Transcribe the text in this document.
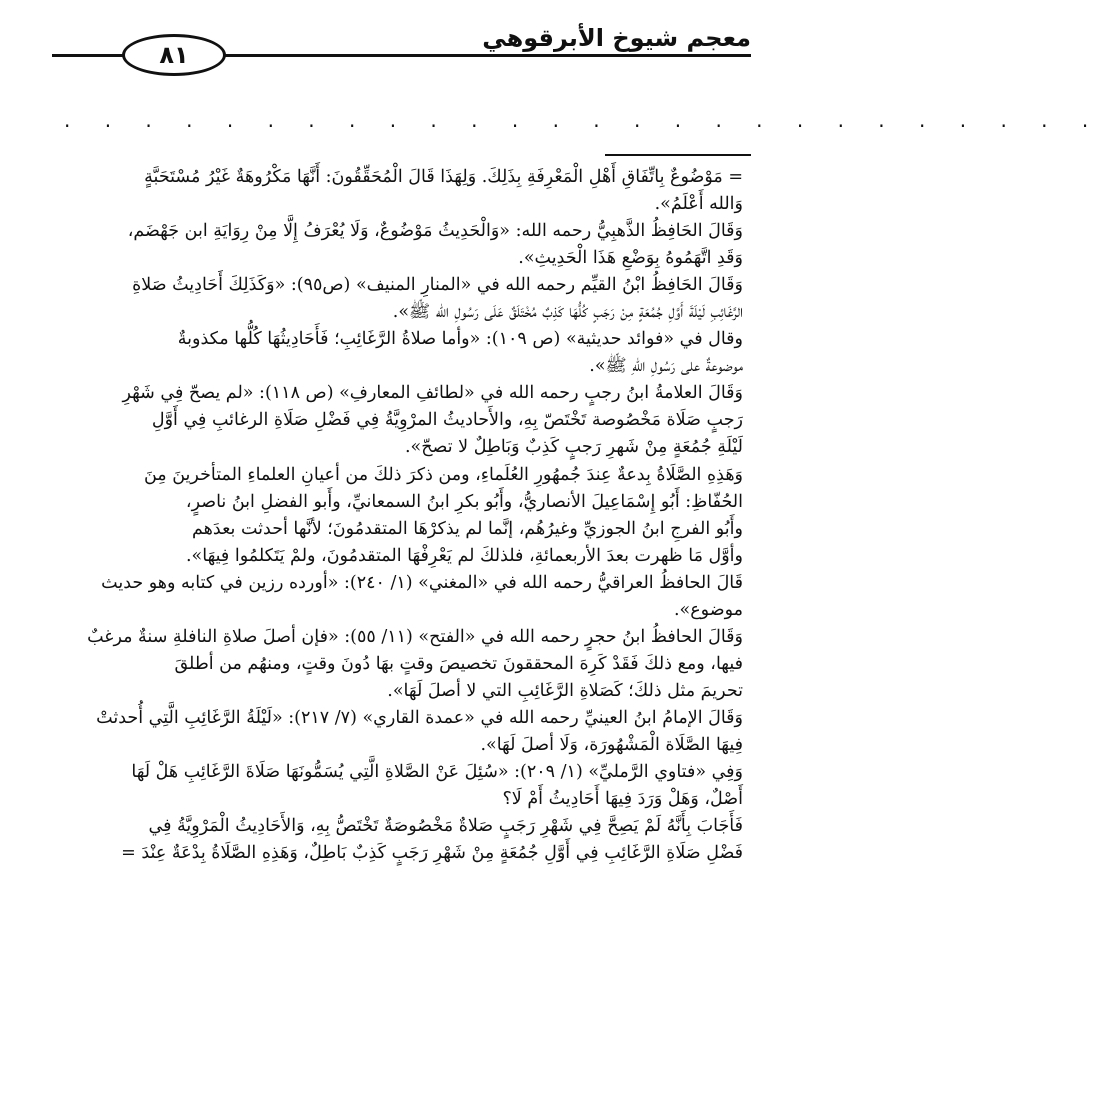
٨١
معجم شيوخ الأبرقوهي
. . . . . . . . . . . . . . . . . . . . . . . . . .
= مَوْضُوعٌ بِاتِّفَاقِ أَهْلِ الْمَعْرِفَةِ بِذَلِكَ. وَلِهَذَا قَالَ الْمُحَقِّقُونَ: أَنَّهَا مَكْرُوهَةٌ غَيْرُ مُسْتَحَبَّةٍ
وَالله أَعْلَمُ».
وَقَالَ الحَافِظُ الذَّهبِيُّ رحمه الله: «وَالْحَدِيثُ مَوْضُوعٌ، وَلَا يُعْرَفُ إِلَّا مِنْ رِوَايَةِ ابن جَهْضَم،
وَقَدِ اتَّهَمُوهُ بِوَضْعِ هَذَا الْحَدِيثِ».
وَقَالَ الحَافِظُ ابْنُ القيِّم رحمه الله في «المنارِ المنيف» (ص٩٥): «وَكَذَلِكَ أَحَادِيثُ صَلاةِ
الرَّغَائِبِ لَيْلَةَ أَوَّلِ جُمُعَةٍ مِنْ رَجَبٍ كُلُّهَا كَذِبٌ مُخْتَلَقٌ عَلَى رَسُولِ الله ﷺ».
وقال في «فوائد حديثية» (ص ١٠٩): «وأما صلاةُ الرَّغَائِبِ؛ فَأَحَادِيثُهَا كُلُّها مكذوبةٌ
موضوعةٌ على رَسُولِ اللهِ ﷺ».
وَقَالَ العلامةُ ابنُ رجبٍ رحمه الله في «لطائفِ المعارفِ» (ص ١١٨): «لم يصحّ فِي شَهْرِ
رَجبٍ صَلَاة مَخْصُوصة تَخْتَصّ بِهِ، والأَحاديثُ المرْوِيَّةُ فِي فَضْلِ صَلَاةِ الرغائبِ فِي أَوَّلِ
لَيْلَةِ جُمُعَةٍ مِنْ شَهرِ رَجبٍ كَذِبٌ وَبَاطِلٌ لا تصحّ».
وَهَذِهِ الصَّلَاةُ بِدعةٌ عِندَ جُمهُورِ العُلَماءِ، ومن ذكرَ ذلكَ من أعيانِ العلماءِ المتأخرينَ مِنَ
الحُفّاظِ: أَبُو إِسْمَاعِيلَ الأنصاريُّ، وأَبُو بكرِ ابنُ السمعانيِّ، وأَبو الفضلِ ابنُ ناصرٍ،
وأَبُو الفرجِ ابنُ الجوزيِّ وغيرُهُم، إنَّما لم يذكرْهَا المتقدمُونَ؛ لأنَّها أحدثت بعدَهم
وأوَّل مَا ظهرت بعدَ الأربعمائةِ، فلذلكَ لم يَعْرِفْهَا المتقدمُونَ، ولمْ يَتَكلمُوا فِيهَا».
قَالَ الحافظُ العراقيُّ رحمه الله في «المغني» (١/ ٢٤٠): «أورده رزين في كتابه وهو حديث
موضوع».
وَقَالَ الحافظُ ابنُ حجرٍ رحمه الله في «الفتح» (١١/ ٥٥): «فإن أصلَ صلاةِ النافلةِ سنةٌ مرغبٌ
فيها، ومع ذلكَ فَقَدْ كَرِهَ المحققونَ تخصيصَ وقتٍ بهَا دُونَ وقتٍ، ومنهُم من أطلقَ
تحريمَ مثل ذلكَ؛ كَصَلاةِ الرَّغَائِبِ التي لا أصلَ لَهَا».
وَقَالَ الإمامُ ابنُ العينيِّ رحمه الله في «عمدة القاري» (٧/ ٢١٧): «لَيْلَةُ الرَّغَائِبِ الَّتِي أُحدثتْ
فِيهَا الصَّلَاة الْمَشْهُورَة، وَلَا أصلَ لَهَا».
وَفِي «فتاوي الرَّمليِّ» (١/ ٢٠٩): «سُئِلَ عَنْ الصَّلاةِ الَّتِي يُسَمُّونَهَا صَلَاةَ الرَّغَائِبِ هَلْ لَهَا
أَصْلٌ، وَهَلْ وَرَدَ فِيهَا أَحَادِيثُ أَمْ لَا؟
فَأَجَابَ بِأَنَّهُ لَمْ يَصِحَّ فِي شَهْرِ رَجَبٍ صَلاةٌ مَخْصُوصَةٌ تَخْتَصُّ بِهِ، وَالأَحَادِيثُ الْمَرْوِيَّةُ فِي
فَضْلِ صَلَاةِ الرَّغَائِبِ فِي أَوَّلِ جُمُعَةٍ مِنْ شَهْرِ رَجَبٍ كَذِبٌ بَاطِلٌ، وَهَذِهِ الصَّلَاةُ بِدْعَةٌ عِنْدَ =
